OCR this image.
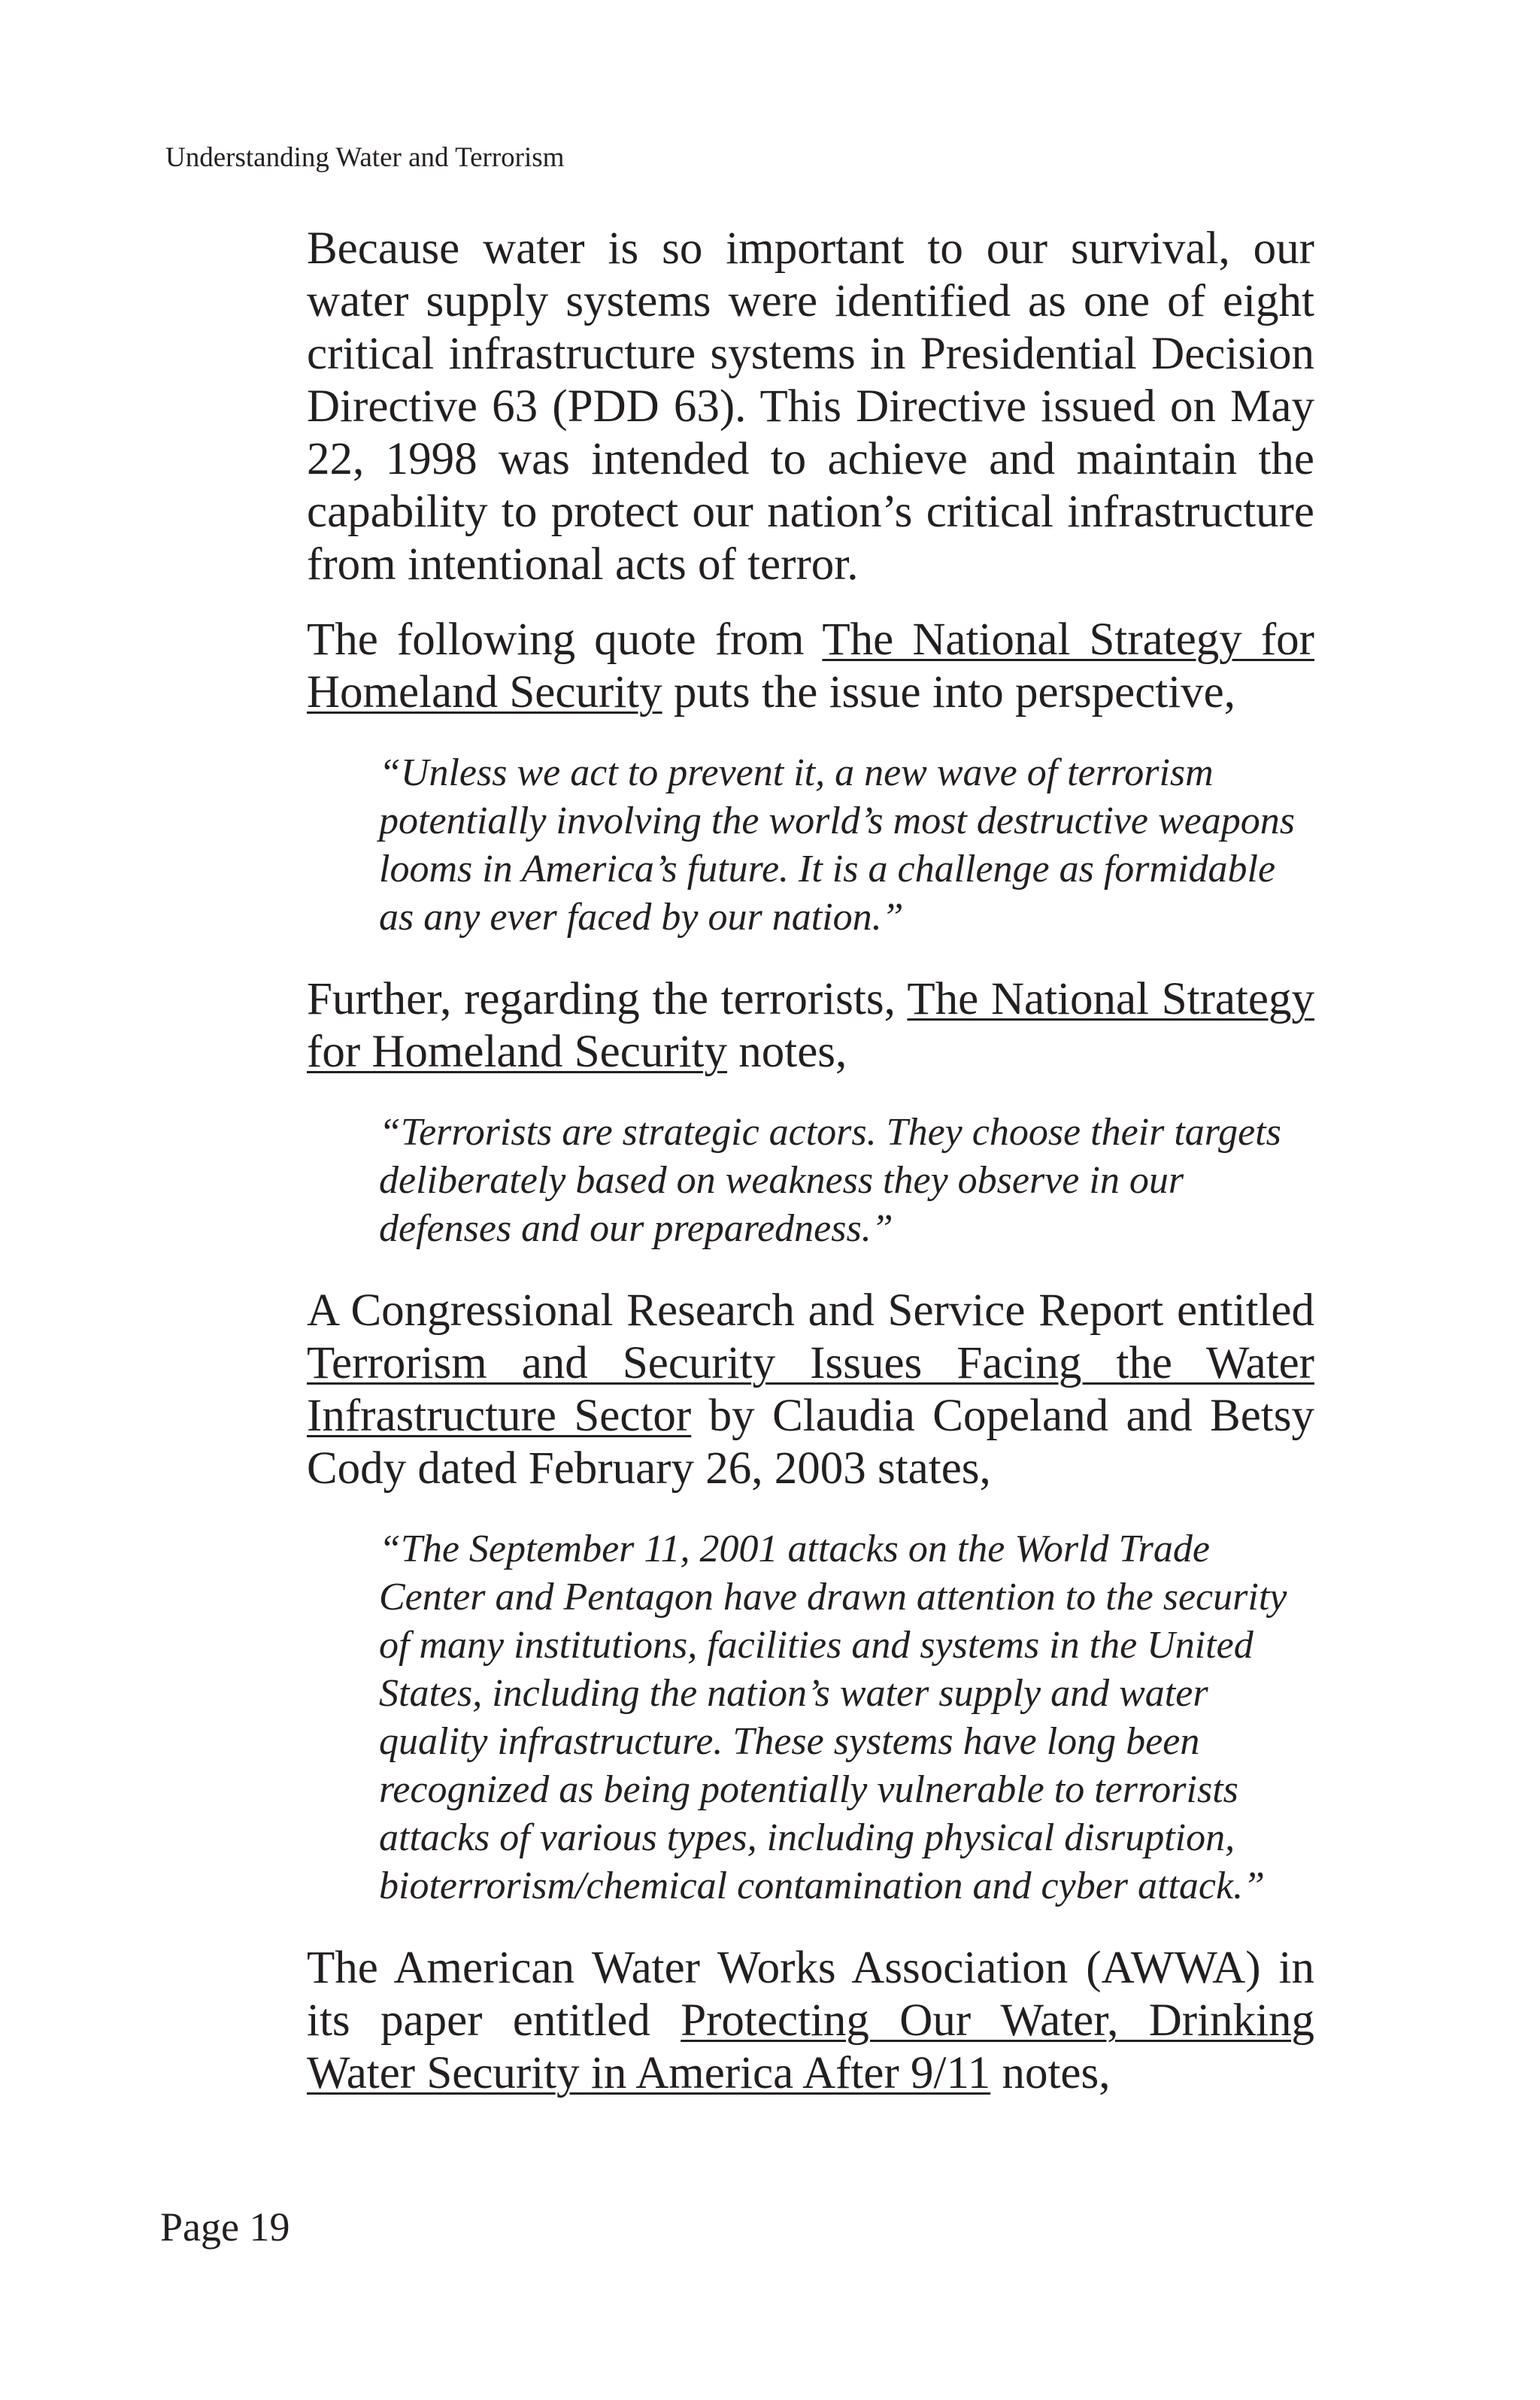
Understanding Water and Terrorism

Because water is so important to our survival, our water supply systems were identified as one of eight critical infrastructure systems in Presidential Decision Directive 63 (PDD 63). This Directive issued on May 22, 1998 was intended to achieve and maintain the capability to protect our nation’s critical infrastructure from intentional acts of terror.

The following quote from The National Strategy for Homeland Security puts the issue into perspective,

“Unless we act to prevent it, a new wave of terrorism potentially involving the world’s most destructive weapons looms in America’s future. It is a challenge as formidable as any ever faced by our nation.”

Further, regarding the terrorists, The National Strategy for Homeland Security notes,

“Terrorists are strategic actors. They choose their targets deliberately based on weakness they observe in our defenses and our preparedness.”

A Congressional Research and Service Report entitled Terrorism and Security Issues Facing the Water Infrastructure Sector by Claudia Copeland and Betsy Cody dated February 26, 2003 states,

“The September 11, 2001 attacks on the World Trade Center and Pentagon have drawn attention to the security of many institutions, facilities and systems in the United States, including the nation’s water supply and water quality infrastructure. These systems have long been recognized as being potentially vulnerable to terrorists attacks of various types, including physical disruption, bioterrorism/chemical contamination and cyber attack.”

The American Water Works Association (AWWA) in its paper entitled Protecting Our Water, Drinking Water Security in America After 9/11 notes,

Page 19
